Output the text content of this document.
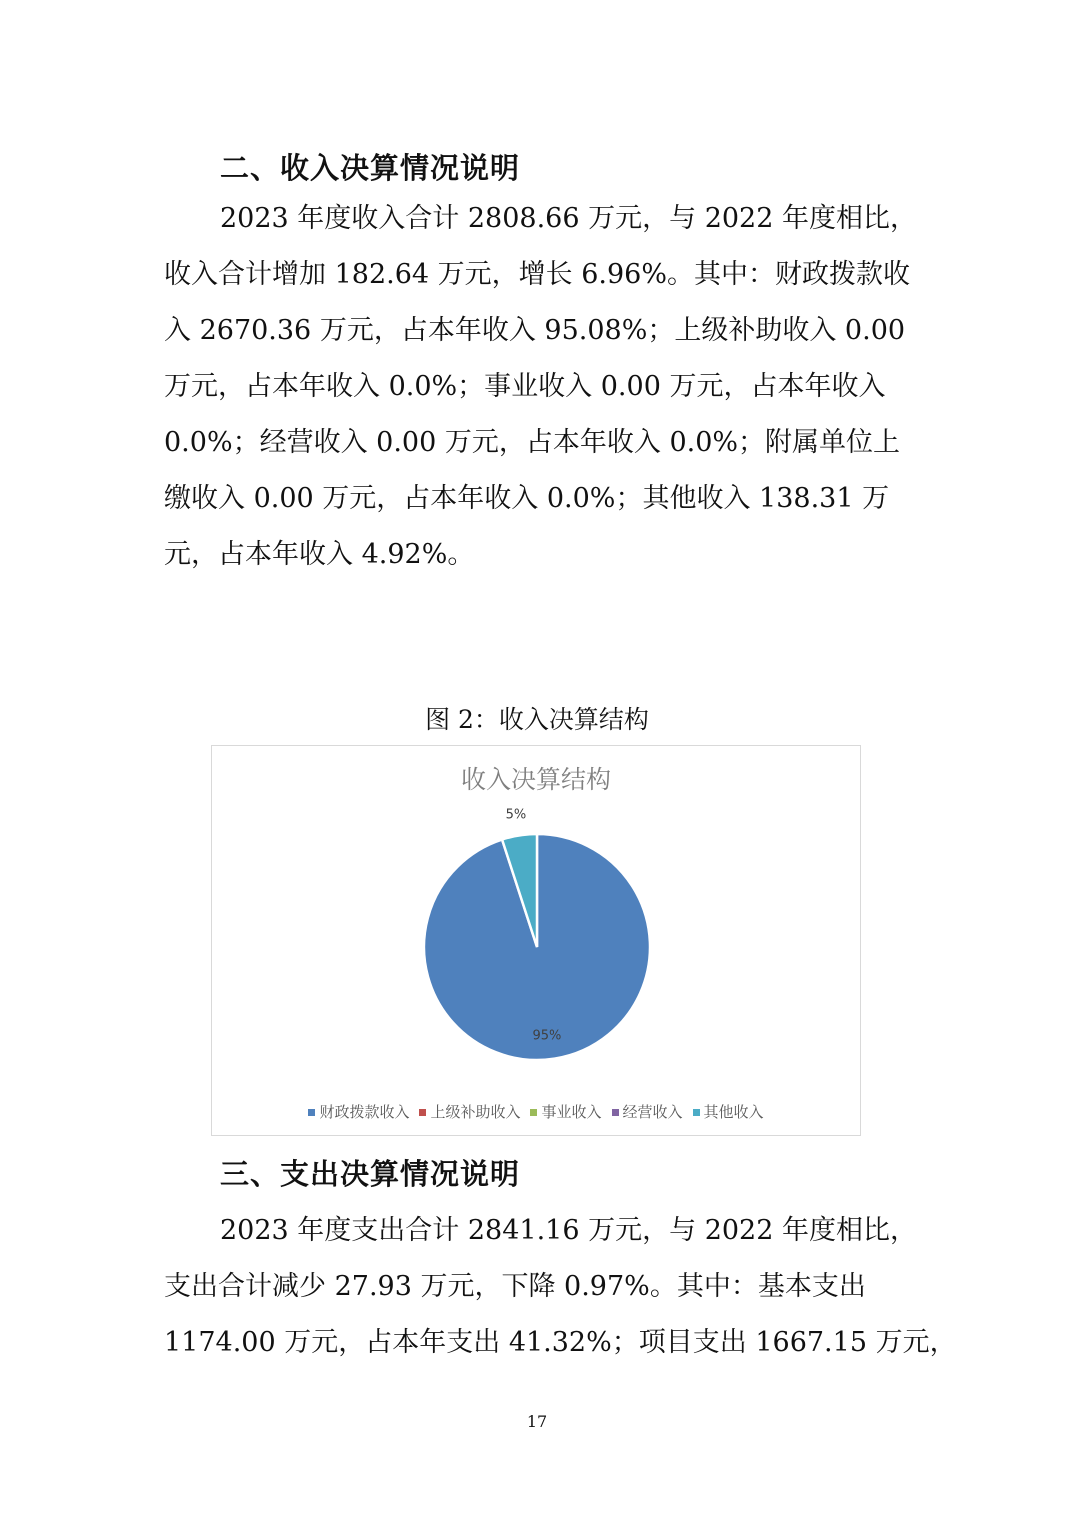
二、收入决算情况说明
2023 年度收入合计 2808.66 万元，与 2022 年度相比，
收入合计增加 182.64 万元，增长 6.96%。其中：财政拨款收
入 2670.36 万元，占本年收入 95.08%；上级补助收入 0.00
万元，占本年收入 0.0%；事业收入 0.00 万元，占本年收入
0.0%；经营收入 0.00 万元，占本年收入 0.0%；附属单位上
缴收入 0.00 万元，占本年收入 0.0%；其他收入 138.31 万
元，占本年收入 4.92%。
图 2：收入决算结构
收入决算结构
95%
5%
财政拨款收入 上级补助收入 事业收入 经营收入 其他收入
三、支出决算情况说明
2023 年度支出合计 2841.16 万元，与 2022 年度相比，
支出合计减少 27.93 万元，下降 0.97%。其中：基本支出
1174.00 万元，占本年支出 41.32%；项目支出 1667.15 万元，
17
